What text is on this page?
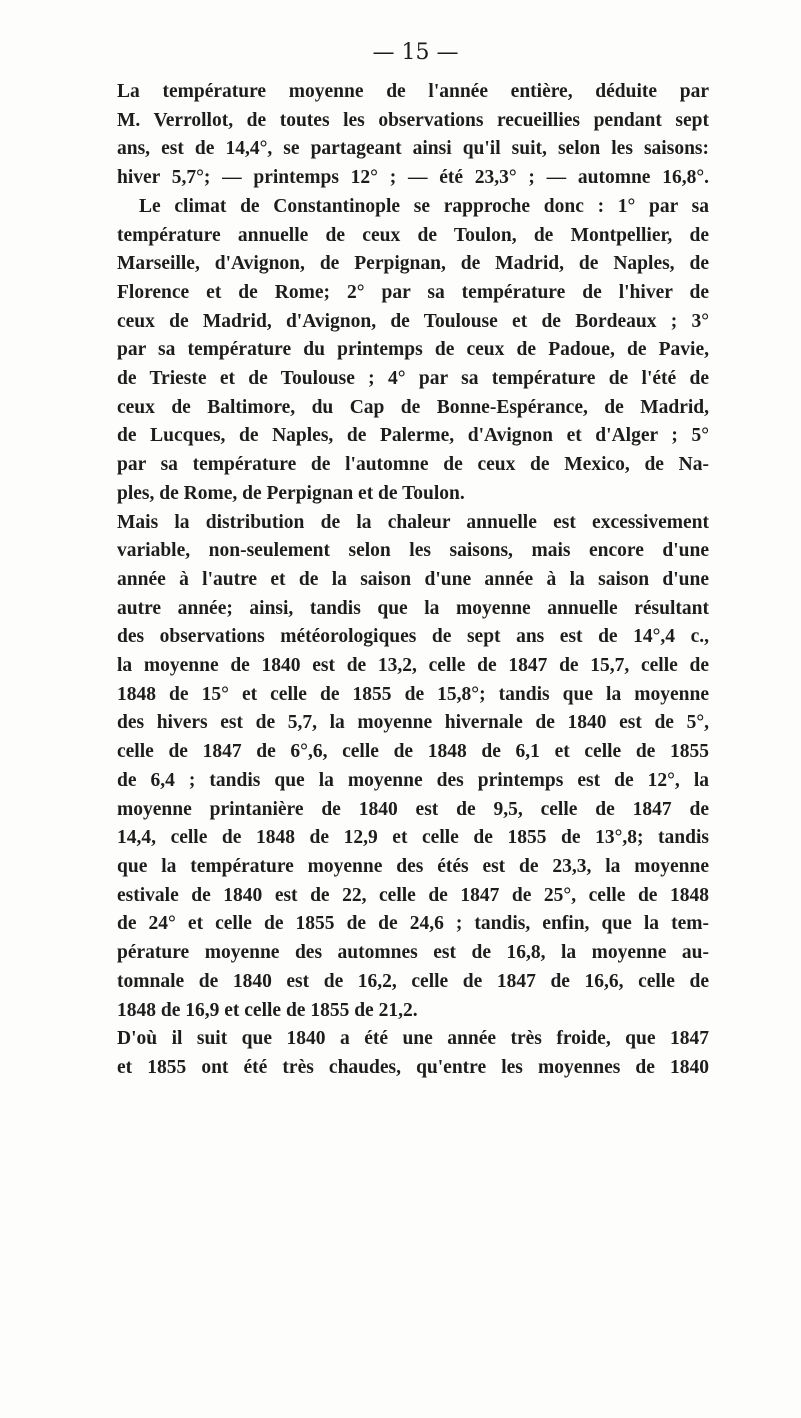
— 15 —
La température moyenne de l'année entière, déduite par
M. Verrollot, de toutes les observations recueillies pendant sept
ans, est de 14,4°, se partageant ainsi qu'il suit, selon les saisons:
hiver 5,7°; — printemps 12° ; — été 23,3° ; — automne 16,8°.
Le climat de Constantinople se rapproche donc : 1° par sa
température annuelle de ceux de Toulon, de Montpellier, de
Marseille, d'Avignon, de Perpignan, de Madrid, de Naples, de
Florence et de Rome; 2° par sa température de l'hiver de
ceux de Madrid, d'Avignon, de Toulouse et de Bordeaux ; 3°
par sa température du printemps de ceux de Padoue, de Pavie,
de Trieste et de Toulouse ; 4° par sa température de l'été de
ceux de Baltimore, du Cap de Bonne-Espérance, de Madrid,
de Lucques, de Naples, de Palerme, d'Avignon et d'Alger ; 5°
par sa température de l'automne de ceux de Mexico, de Na-
ples, de Rome, de Perpignan et de Toulon.
Mais la distribution de la chaleur annuelle est excessivement
variable, non-seulement selon les saisons, mais encore d'une
année à l'autre et de la saison d'une année à la saison d'une
autre année; ainsi, tandis que la moyenne annuelle résultant
des observations météorologiques de sept ans est de 14°,4 c.,
la moyenne de 1840 est de 13,2, celle de 1847 de 15,7, celle de
1848 de 15° et celle de 1855 de 15,8°; tandis que la moyenne
des hivers est de 5,7, la moyenne hivernale de 1840 est de 5°,
celle de 1847 de 6°,6, celle de 1848 de 6,1 et celle de 1855
de 6,4 ; tandis que la moyenne des printemps est de 12°, la
moyenne printanière de 1840 est de 9,5, celle de 1847 de
14,4, celle de 1848 de 12,9 et celle de 1855 de 13°,8; tandis
que la température moyenne des étés est de 23,3, la moyenne
estivale de 1840 est de 22, celle de 1847 de 25°, celle de 1848
de 24° et celle de 1855 de de 24,6 ; tandis, enfin, que la tem-
pérature moyenne des automnes est de 16,8, la moyenne au-
tomnale de 1840 est de 16,2, celle de 1847 de 16,6, celle de
1848 de 16,9 et celle de 1855 de 21,2.
D'où il suit que 1840 a été une année très froide, que 1847
et 1855 ont été très chaudes, qu'entre les moyennes de 1840
